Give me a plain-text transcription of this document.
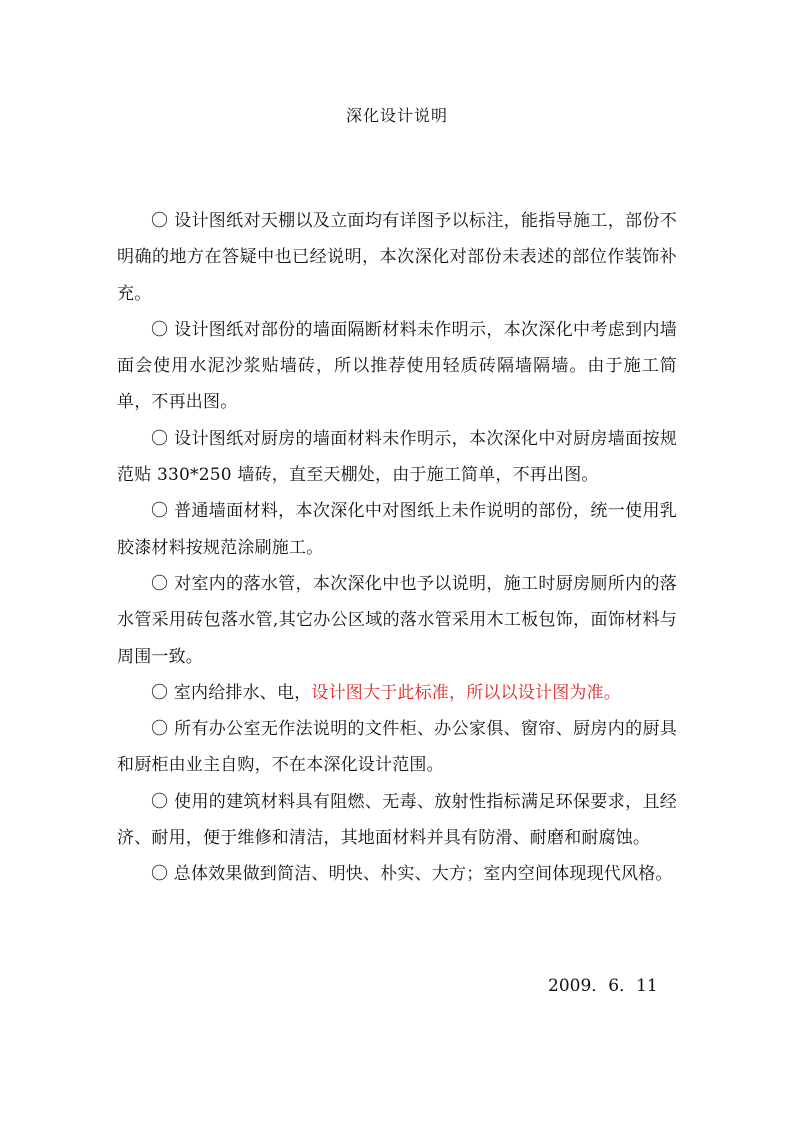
深化设计说明

〇 设计图纸对天棚以及立面均有详图予以标注，能指导施工，部份不明确的地方在答疑中也已经说明，本次深化对部份未表述的部位作装饰补充。

〇 设计图纸对部份的墙面隔断材料未作明示，本次深化中考虑到内墙面会使用水泥沙浆贴墙砖，所以推荐使用轻质砖隔墙隔墙。由于施工简单，不再出图。

〇 设计图纸对厨房的墙面材料未作明示，本次深化中对厨房墙面按规范贴 330*250 墙砖，直至天棚处，由于施工简单，不再出图。

〇 普通墙面材料，本次深化中对图纸上未作说明的部份，统一使用乳胶漆材料按规范涂刷施工。

〇 对室内的落水管，本次深化中也予以说明，施工时厨房厕所内的落水管采用砖包落水管,其它办公区域的落水管采用木工板包饰，面饰材料与周围一致。

〇 室内给排水、电，设计图大于此标准，所以以设计图为准。

〇 所有办公室无作法说明的文件柜、办公家俱、窗帘、厨房内的厨具和厨柜由业主自购，不在本深化设计范围。

〇 使用的建筑材料具有阻燃、无毒、放射性指标满足环保要求，且经济、耐用，便于维修和清洁，其地面材料并具有防滑、耐磨和耐腐蚀。

〇 总体效果做到简洁、明快、朴实、大方；室内空间体现现代风格。

2009．6．11
